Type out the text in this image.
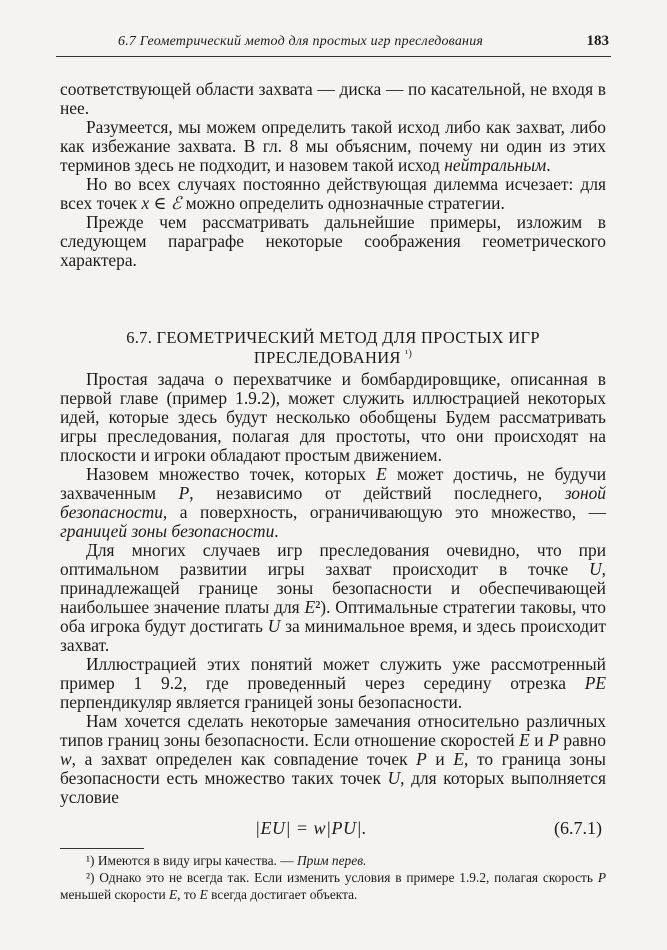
6.7 Геометрический метод для простых игр преследования	183
соответствующей области захвата — диска — по касательной, не входя в нее.
Разумеется, мы можем определить такой исход либо как захват, либо как избежание захвата. В гл. 8 мы объясним, почему ни один из этих терминов здесь не подходит, и назовем такой исход нейтральным.
Но во всех случаях постоянно действующая дилемма исчезает: для всех точек x ∈ ℰ можно определить однозначные стратегии.
Прежде чем рассматривать дальнейшие примеры, изложим в следующем параграфе некоторые соображения геометрического характера.
6.7. ГЕОМЕТРИЧЕСКИЙ МЕТОД ДЛЯ ПРОСТЫХ ИГР
ПРЕСЛЕДОВАНИЯ $^{^1)}$
Простая задача о перехватчике и бомбардировщике, описанная в первой главе (пример 1.9.2), может служить иллюстрацией некоторых идей, которые здесь будут несколько обобщены Будем рассматривать игры преследования, полагая для простоты, что они происходят на плоскости и игроки обладают простым движением.
Назовем множество точек, которых E может достичь, не будучи захваченным P, независимо от действий последнего, зоной безопасности, а поверхность, ограничивающую это множество, — границей зоны безопасности.
Для многих случаев игр преследования очевидно, что при оптимальном развитии игры захват происходит в точке U, принадлежащей границе зоны безопасности и обеспечивающей наибольшее значение платы для E²). Оптимальные стратегии таковы, что оба игрока будут достигать U за минимальное время, и здесь происходит захват.
Иллюстрацией этих понятий может служить уже рассмотренный пример 1 9.2, где проведенный через середину отрезка PE перпендикуляр является границей зоны безопасности.
Нам хочется сделать некоторые замечания относительно различных типов границ зоны безопасности. Если отношение скоростей E и P равно w, а захват определен как совпадение точек P и E, то граница зоны безопасности есть множество таких точек U, для которых выполняется условие
|EU| = w|PU|.	(6.7.1)
¹) Имеются в виду игры качества. — Прим перев.
²) Однако это не всегда так. Если изменить условия в примере 1.9.2, полагая скорость P меньшей скорости E, то E всегда достигает объекта.
